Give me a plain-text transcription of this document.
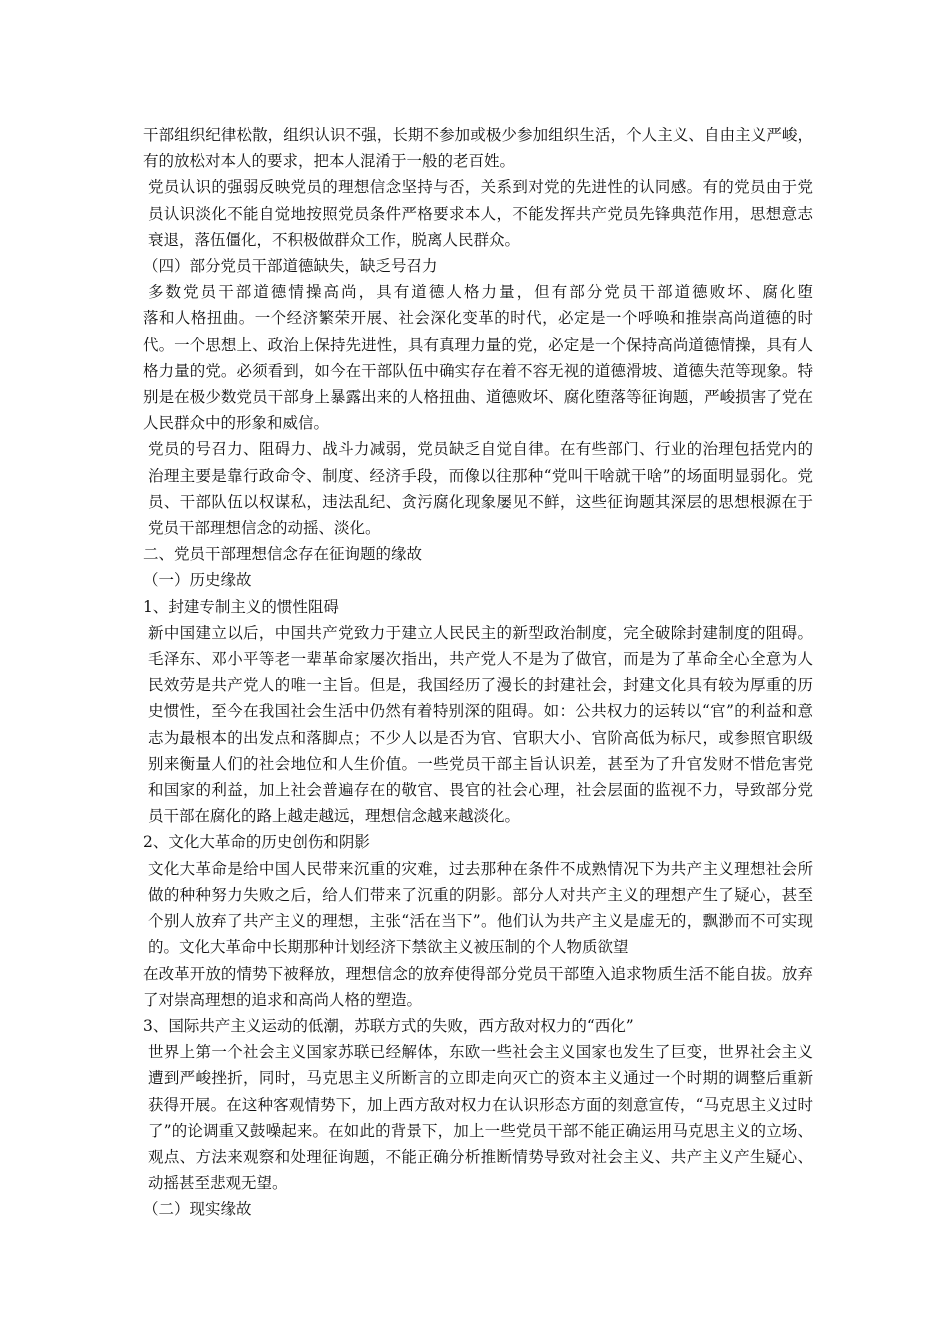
干部组织纪律松散，组织认识不强，长期不参加或极少参加组织生活，个人主义、自由主义严峻，有的放松对本人的要求，把本人混淆于一般的老百姓。

党员认识的强弱反映党员的理想信念坚持与否，关系到对党的先进性的认同感。有的党员由于党员认识淡化不能自觉地按照党员条件严格要求本人，不能发挥共产党员先锋典范作用，思想意志衰退，落伍僵化，不积极做群众工作，脱离人民群众。

（四）部分党员干部道德缺失，缺乏号召力

多数党员干部道德情操高尚，具有道德人格力量，但有部分党员干部道德败坏、腐化堕

落和人格扭曲。一个经济繁荣开展、社会深化变革的时代，必定是一个呼唤和推崇高尚道德的时代。一个思想上、政治上保持先进性，具有真理力量的党，必定是一个保持高尚道德情操，具有人格力量的党。必须看到，如今在干部队伍中确实存在着不容无视的道德滑坡、道德失范等现象。特别是在极少数党员干部身上暴露出来的人格扭曲、道德败坏、腐化堕落等征询题，严峻损害了党在人民群众中的形象和威信。

党员的号召力、阻碍力、战斗力减弱，党员缺乏自觉自律。在有些部门、行业的治理包括党内的治理主要是靠行政命令、制度、经济手段，而像以往那种“党叫干啥就干啥”的场面明显弱化。党员、干部队伍以权谋私，违法乱纪、贪污腐化现象屡见不鲜，这些征询题其深层的思想根源在于党员干部理想信念的动摇、淡化。

二、党员干部理想信念存在征询题的缘故

（一）历史缘故

1、封建专制主义的惯性阻碍

新中国建立以后，中国共产党致力于建立人民民主的新型政治制度，完全破除封建制度的阻碍。毛泽东、邓小平等老一辈革命家屡次指出，共产党人不是为了做官，而是为了革命全心全意为人民效劳是共产党人的唯一主旨。但是，我国经历了漫长的封建社会，封建文化具有较为厚重的历史惯性，至今在我国社会生活中仍然有着特别深的阻碍。如：公共权力的运转以“官”的利益和意志为最根本的出发点和落脚点；不少人以是否为官、官职大小、官阶高低为标尺，或参照官职级别来衡量人们的社会地位和人生价值。一些党员干部主旨认识差，甚至为了升官发财不惜危害党和国家的利益，加上社会普遍存在的敬官、畏官的社会心理，社会层面的监视不力，导致部分党员干部在腐化的路上越走越远，理想信念越来越淡化。

2、文化大革命的历史创伤和阴影

文化大革命是给中国人民带来沉重的灾难，过去那种在条件不成熟情况下为共产主义理想社会所做的种种努力失败之后，给人们带来了沉重的阴影。部分人对共产主义的理想产生了疑心，甚至个别人放弃了共产主义的理想，主张“活在当下”。他们认为共产主义是虚无的，飘渺而不可实现的。文化大革命中长期那种计划经济下禁欲主义被压制的个人物质欲望

在改革开放的情势下被释放，理想信念的放弃使得部分党员干部堕入追求物质生活不能自拔。放弃了对崇高理想的追求和高尚人格的塑造。

3、国际共产主义运动的低潮，苏联方式的失败，西方敌对权力的“西化”

世界上第一个社会主义国家苏联已经解体，东欧一些社会主义国家也发生了巨变，世界社会主义遭到严峻挫折，同时，马克思主义所断言的立即走向灭亡的资本主义通过一个时期的调整后重新获得开展。在这种客观情势下，加上西方敌对权力在认识形态方面的刻意宣传，“马克思主义过时了”的论调重又鼓噪起来。在如此的背景下，加上一些党员干部不能正确运用马克思主义的立场、观点、方法来观察和处理征询题，不能正确分析推断情势导致对社会主义、共产主义产生疑心、动摇甚至悲观无望。

（二）现实缘故
